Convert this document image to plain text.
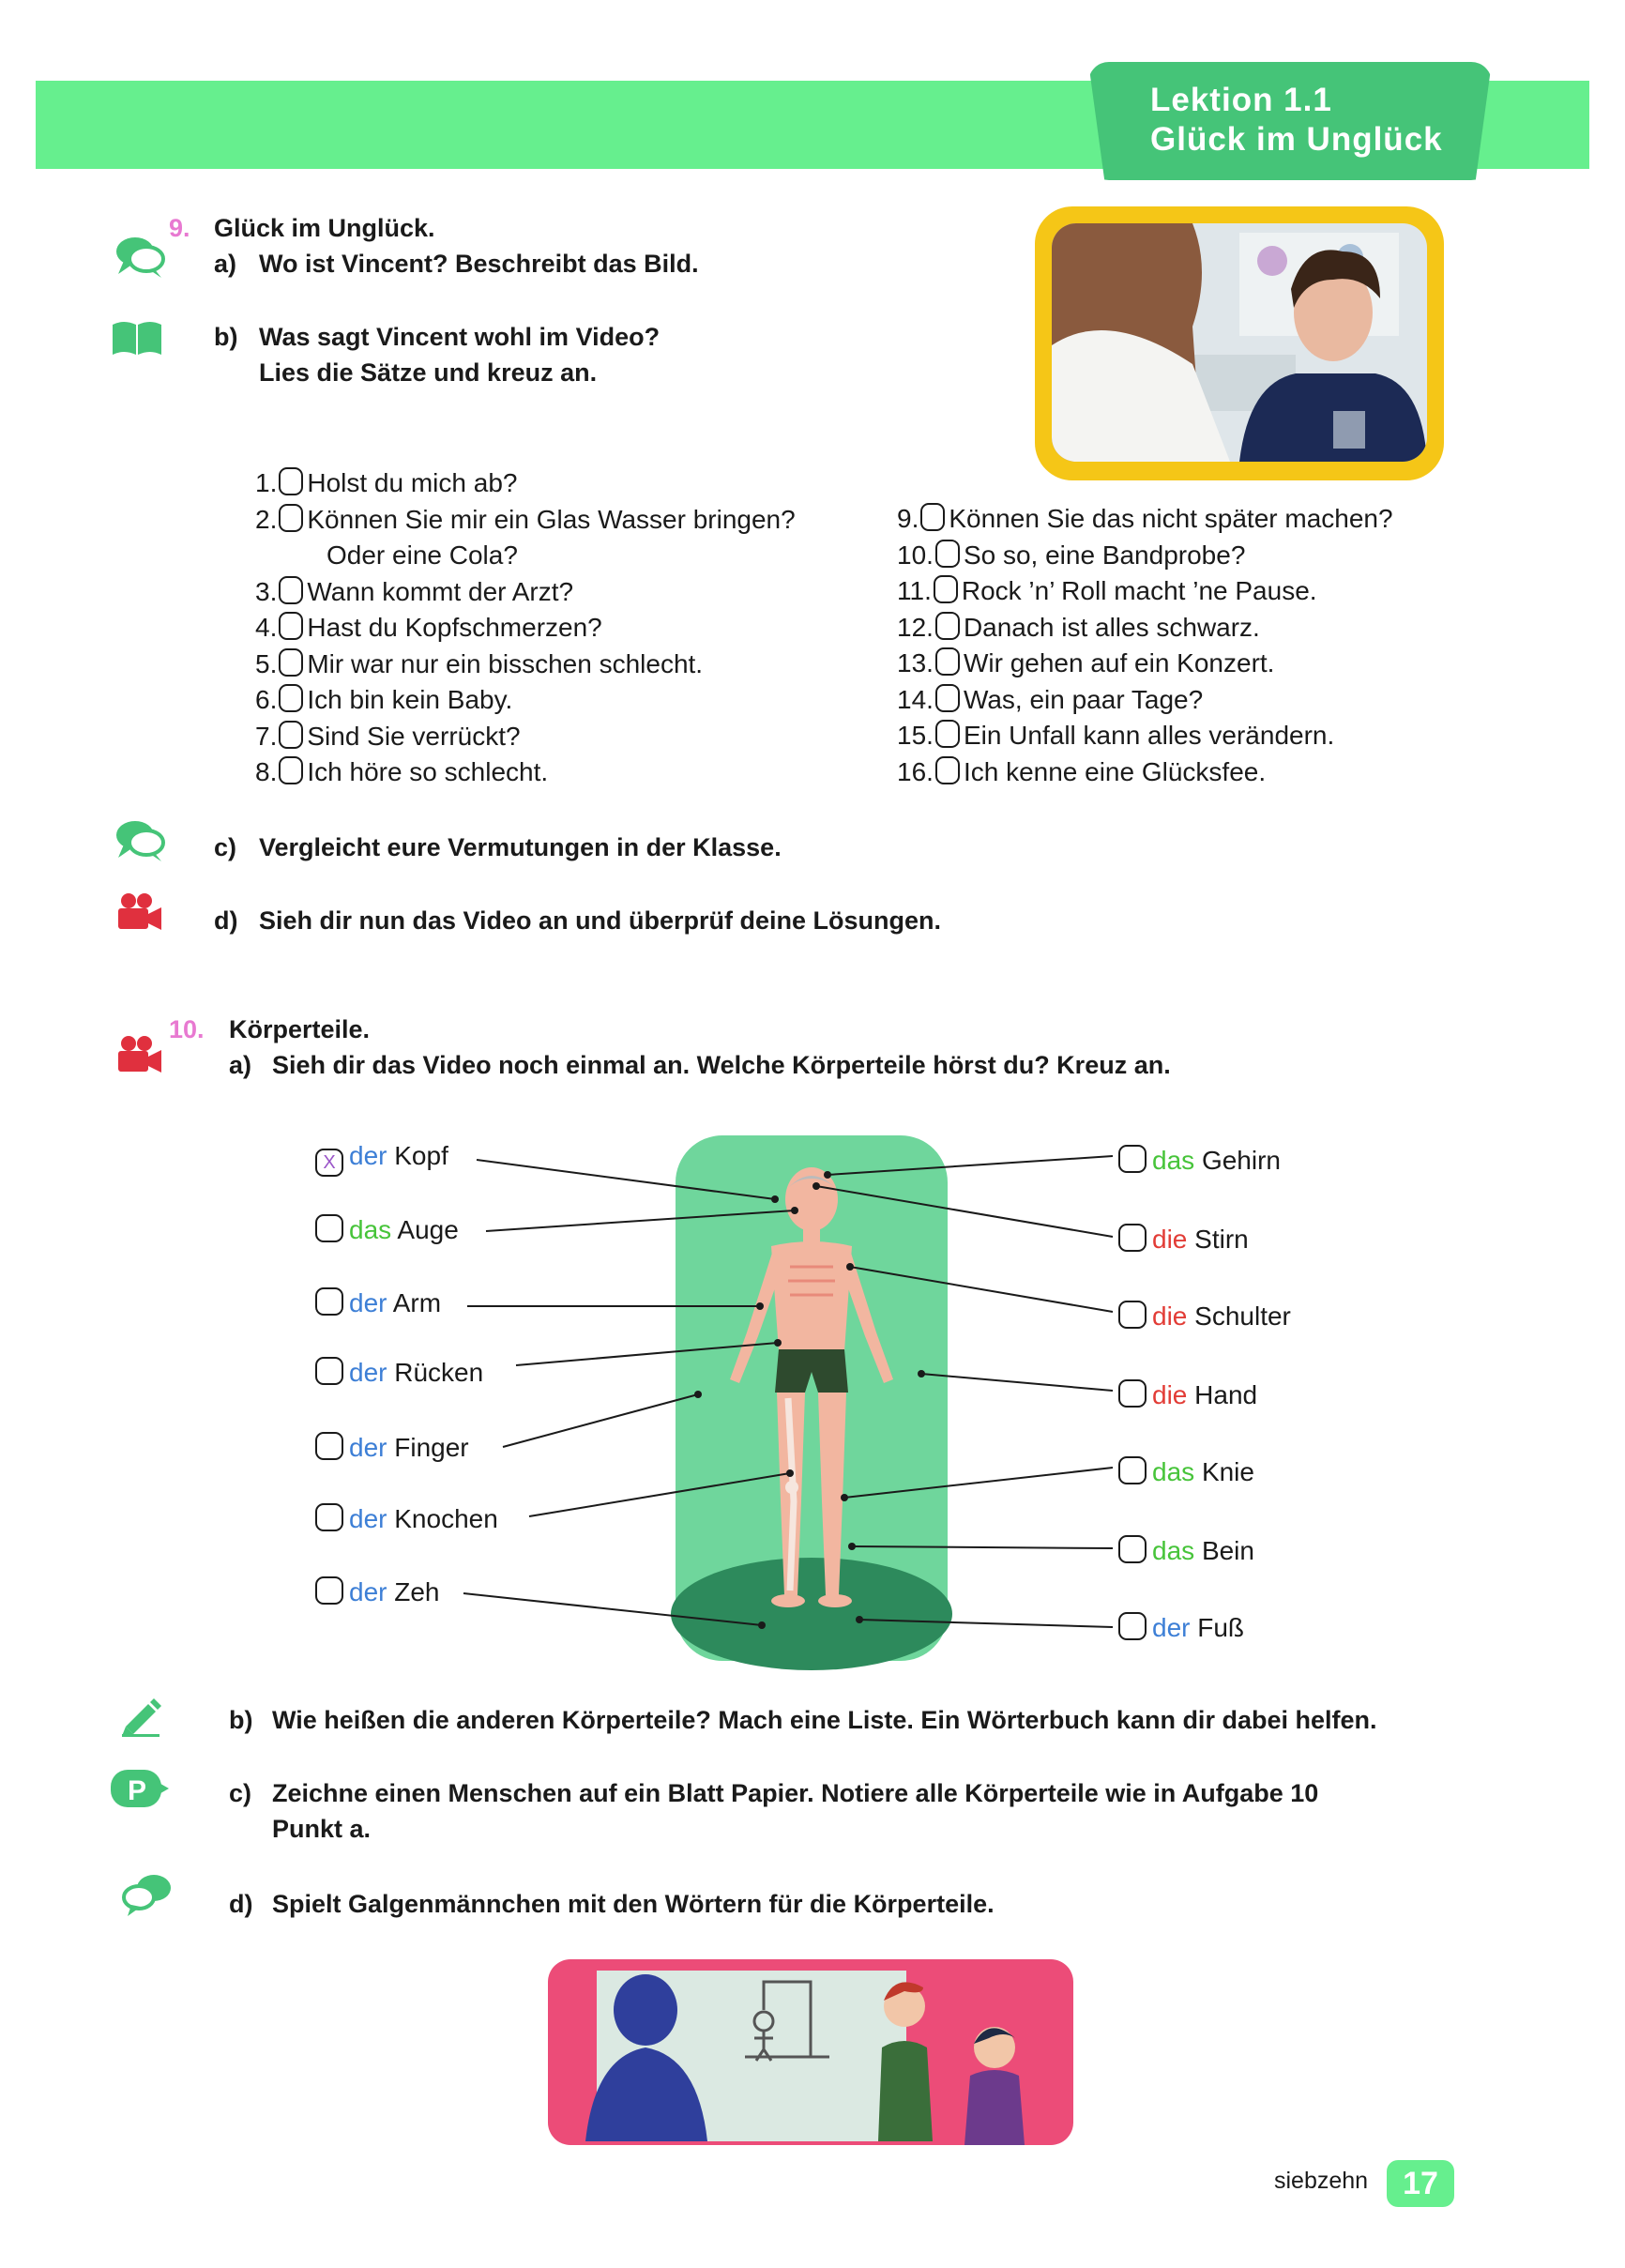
Lektion 1.1
Glück im Unglück
9. Glück im Unglück.
a) Wo ist Vincent? Beschreibt das Bild.
b) Was sagt Vincent wohl im Video?
Lies die Sätze und kreuz an.
1. Holst du mich ab?
2. Können Sie mir ein Glas Wasser bringen?
Oder eine Cola?
3. Wann kommt der Arzt?
4. Hast du Kopfschmerzen?
5. Mir war nur ein bisschen schlecht.
6. Ich bin kein Baby.
7. Sind Sie verrückt?
8. Ich höre so schlecht.
9. Können Sie das nicht später machen?
10. So so, eine Bandprobe?
11. Rock ’n’ Roll macht ’ne Pause.
12. Danach ist alles schwarz.
13. Wir gehen auf ein Konzert.
14. Was, ein paar Tage?
15. Ein Unfall kann alles verändern.
16. Ich kenne eine Glücksfee.
c) Vergleicht eure Vermutungen in der Klasse.
d) Sieh dir nun das Video an und überprüf deine Lösungen.
10. Körperteile.
a) Sieh dir das Video noch einmal an. Welche Körperteile hörst du? Kreuz an.
X der Kopf
das Auge
der Arm
der Rücken
der Finger
der Knochen
der Zeh
das Gehirn
die Stirn
die Schulter
die Hand
das Knie
das Bein
der Fuß
b) Wie heißen die anderen Körperteile? Mach eine Liste. Ein Wörterbuch kann dir dabei helfen.
P	c) Zeichne einen Menschen auf ein Blatt Papier. Notiere alle Körperteile wie in Aufgabe 10
Punkt a.
d) Spielt Galgenmännchen mit den Wörtern für die Körperteile.
siebzehn	17
